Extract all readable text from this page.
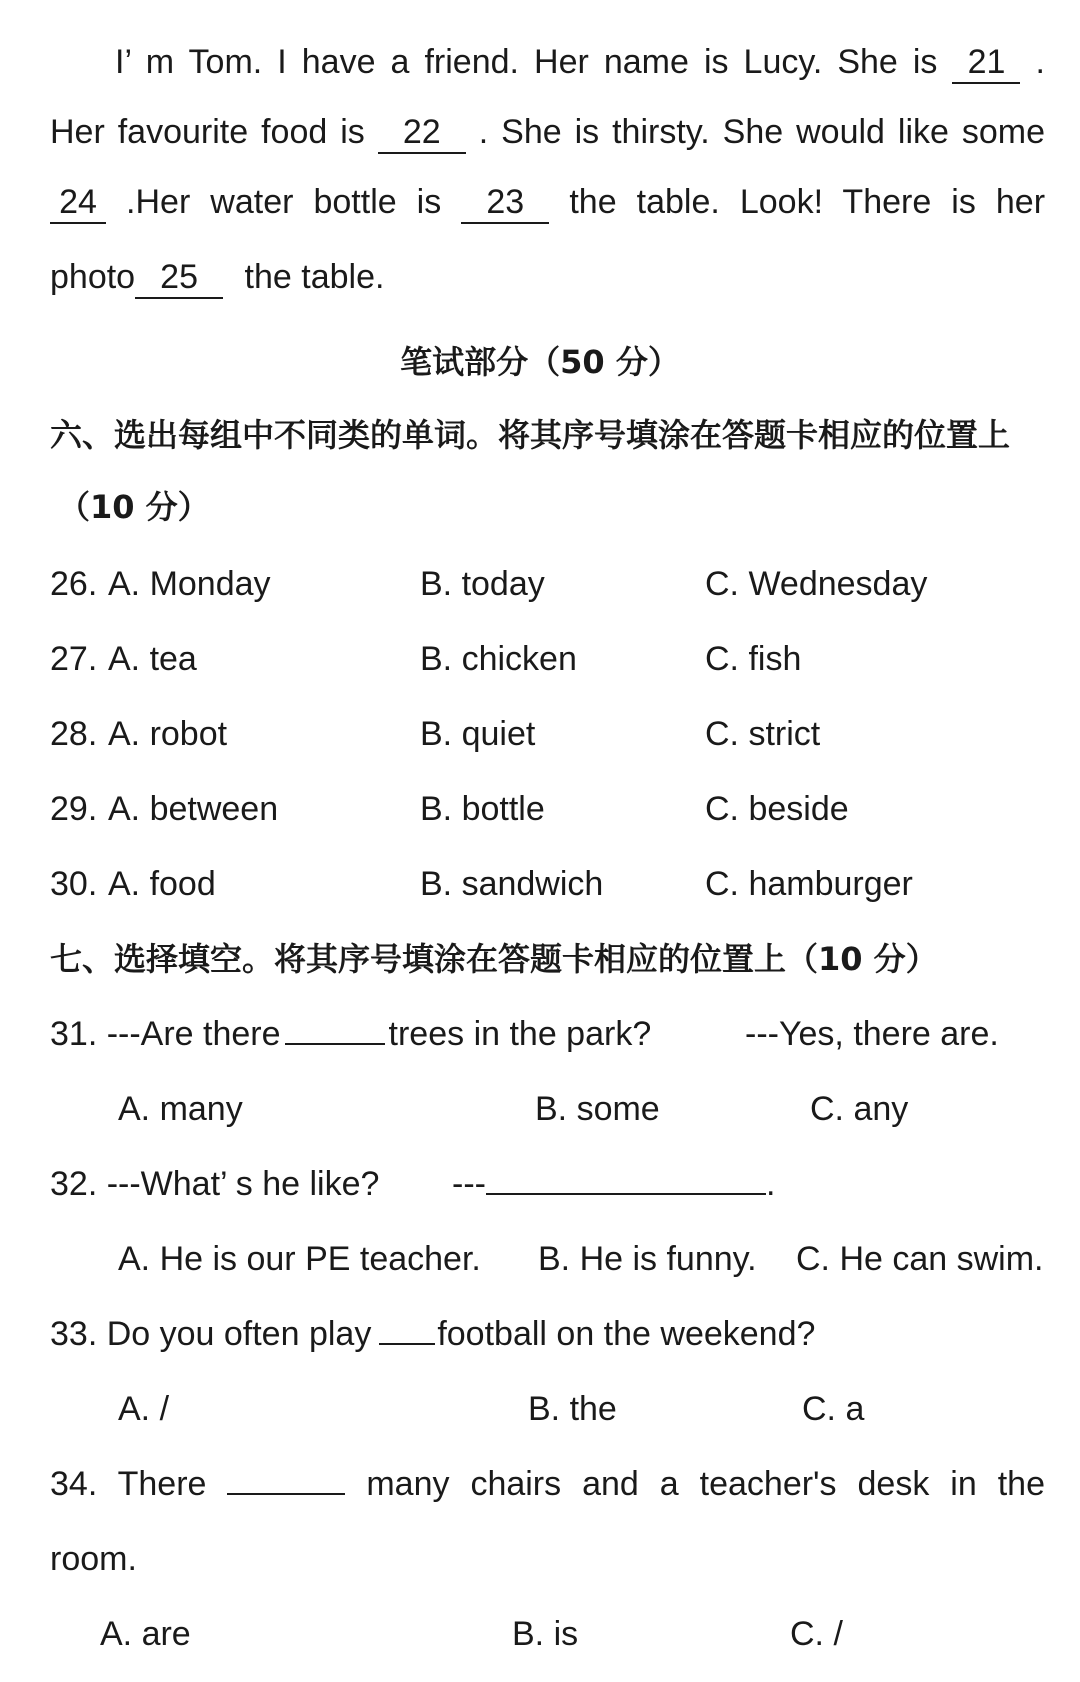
I’ m Tom. I have a friend. Her name is Lucy. She is 21 .
Her favourite food is 22 . She is thirsty. She would like some
24 .Her water bottle is 23 the table. Look! There is her
photo 25 the table.
笔试部分（50 分）
六、选出每组中不同类的单词。将其序号填涂在答题卡相应的位置上
（10 分）
26. A. Monday	B. today	C. Wednesday
27. A. tea	B. chicken	C. fish
28. A. robot	B. quiet	C. strict
29. A. between	B. bottle	C. beside
30. A. food	B. sandwich	C. hamburger
七、选择填空。将其序号填涂在答题卡相应的位置上（10 分）
31. ---Are there	trees in the park?	---Yes, there are.
A. many	B. some	C. any
32. ---What’ s he like? ---	.
A. He is our PE teacher. B. He is funny. C. He can swim.
33. Do you often play football on the weekend?
A. /	B. the	C. a
34. There	many chairs and a teacher's desk in the
room.
A. are	B. is	C. /
